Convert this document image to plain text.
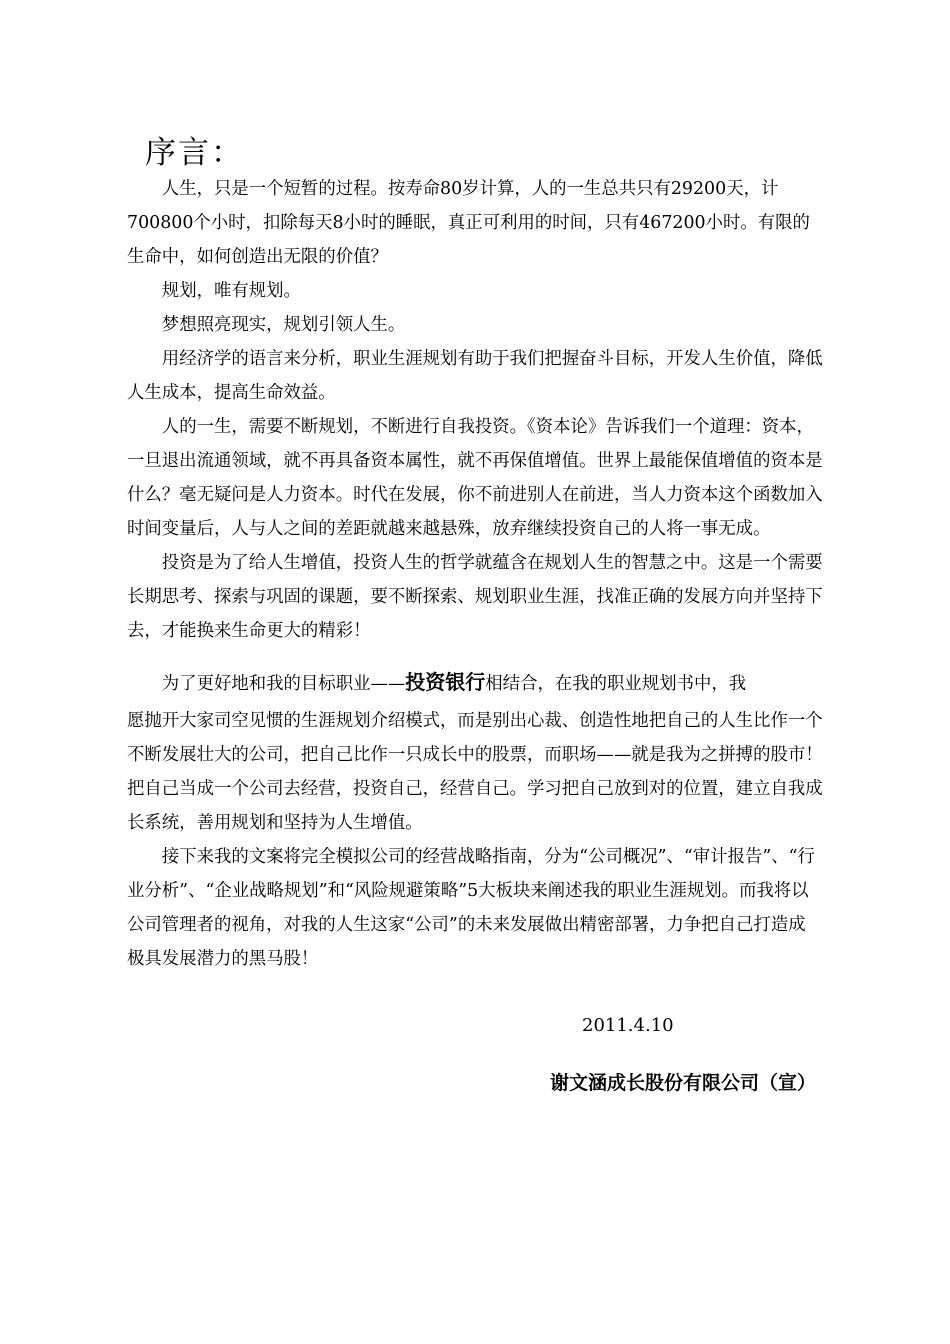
序言：

人生，只是一个短暂的过程。按寿命80岁计算，人的一生总共只有29200天，计700800个小时，扣除每天8小时的睡眠，真正可利用的时间，只有467200小时。有限的生命中，如何创造出无限的价值？

规划，唯有规划。

梦想照亮现实，规划引领人生。

用经济学的语言来分析，职业生涯规划有助于我们把握奋斗目标，开发人生价值，降低人生成本，提高生命效益。

人的一生，需要不断规划，不断进行自我投资。《资本论》告诉我们一个道理：资本，一旦退出流通领域，就不再具备资本属性，就不再保值增值。世界上最能保值增值的资本是什么？毫无疑问是人力资本。时代在发展，你不前进别人在前进，当人力资本这个函数加入时间变量后，人与人之间的差距就越来越悬殊，放弃继续投资自己的人将一事无成。

投资是为了给人生增值，投资人生的哲学就蕴含在规划人生的智慧之中。这是一个需要长期思考、探索与巩固的课题，要不断探索、规划职业生涯，找准正确的发展方向并坚持下去，才能换来生命更大的精彩！

为了更好地和我的目标职业——投资银行相结合，在我的职业规划书中，我

愿抛开大家司空见惯的生涯规划介绍模式，而是别出心裁、创造性地把自己的人生比作一个不断发展壮大的公司，把自己比作一只成长中的股票，而职场——就是我为之拼搏的股市！把自己当成一个公司去经营，投资自己，经营自己。学习把自己放到对的位置，建立自我成长系统，善用规划和坚持为人生增值。

接下来我的文案将完全模拟公司的经营战略指南，分为“公司概况”、“审计报告”、“行业分析”、“企业战略规划”和“风险规避策略”5大板块来阐述我的职业生涯规划。而我将以公司管理者的视角，对我的人生这家“公司”的未来发展做出精密部署，力争把自己打造成极具发展潜力的黑马股！

2011.4.10
谢文涵成长股份有限公司（宣）
